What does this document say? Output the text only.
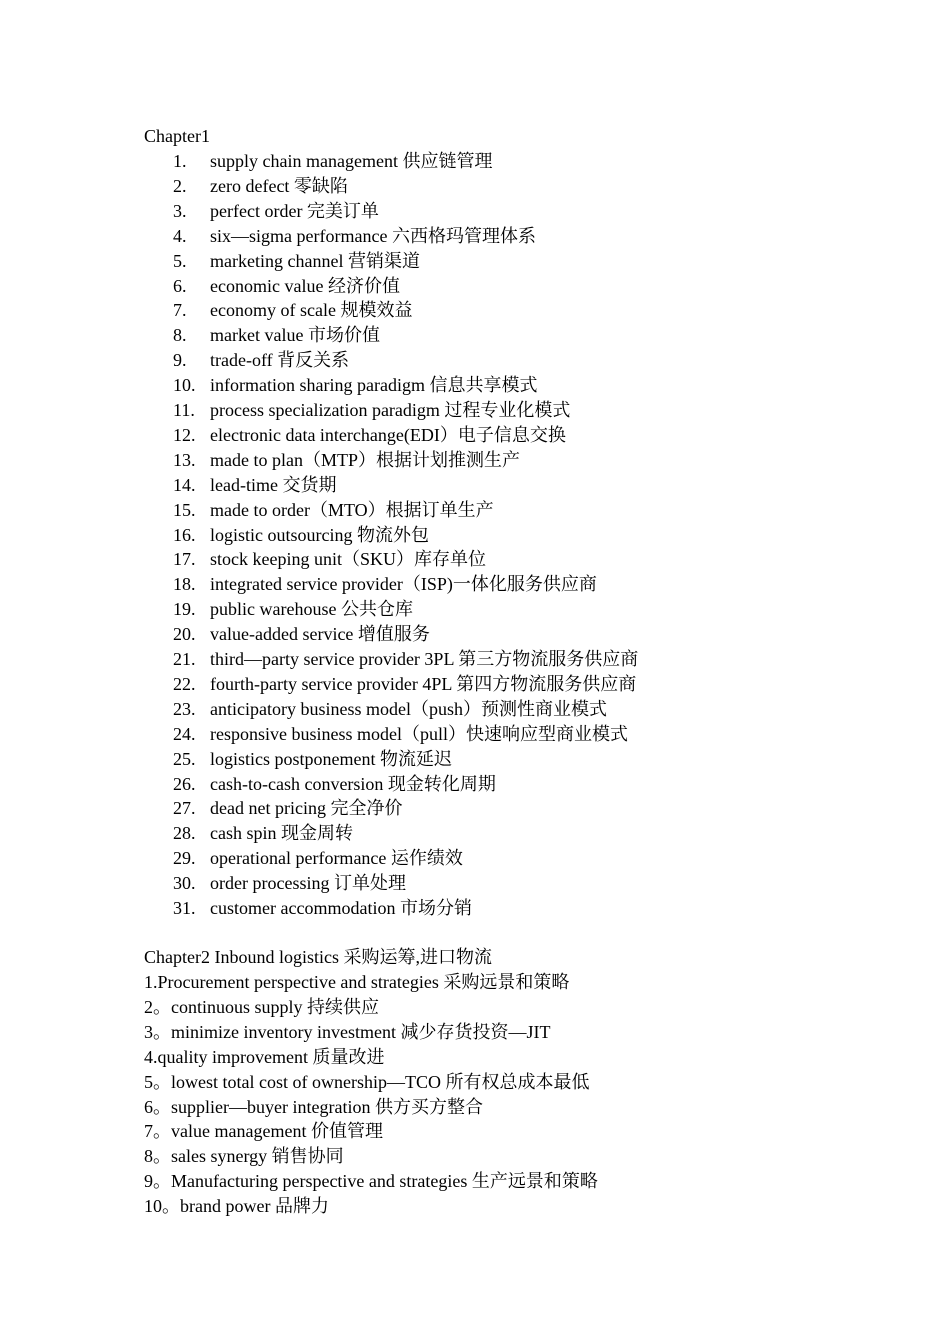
Chapter1
1. supply chain management 供应链管理
2. zero defect 零缺陷
3. perfect order 完美订单
4. six—sigma performance 六西格玛管理体系
5. marketing channel 营销渠道
6. economic value 经济价值
7. economy of scale 规模效益
8. market value 市场价值
9. trade-off 背反关系
10. information sharing paradigm 信息共享模式
11. process specialization paradigm 过程专业化模式
12. electronic data interchange(EDI）电子信息交换
13. made to plan（MTP）根据计划推测生产
14. lead-time 交货期
15. made to order（MTO）根据订单生产
16. logistic outsourcing 物流外包
17. stock keeping unit（SKU）库存单位
18. integrated service provider（ISP)一体化服务供应商
19. public warehouse 公共仓库
20. value-added service 增值服务
21. third—party service provider 3PL 第三方物流服务供应商
22. fourth-party service provider 4PL 第四方物流服务供应商
23. anticipatory business model（push）预测性商业模式
24. responsive business model（pull）快速响应型商业模式
25. logistics postponement 物流延迟
26. cash-to-cash conversion 现金转化周期
27. dead net pricing 完全净价
28. cash spin 现金周转
29. operational performance 运作绩效
30. order processing 订单处理
31. customer accommodation 市场分销
Chapter2 Inbound logistics 采购运筹,进口物流
1.Procurement perspective and strategies 采购远景和策略
2。continuous supply 持续供应
3。minimize inventory investment 减少存货投资—JIT
4.quality improvement 质量改进
5。lowest total cost of ownership—TCO 所有权总成本最低
6。supplier—buyer integration 供方买方整合
7。value management 价值管理
8。sales synergy 销售协同
9。Manufacturing perspective and strategies 生产远景和策略
10。brand power 品牌力
